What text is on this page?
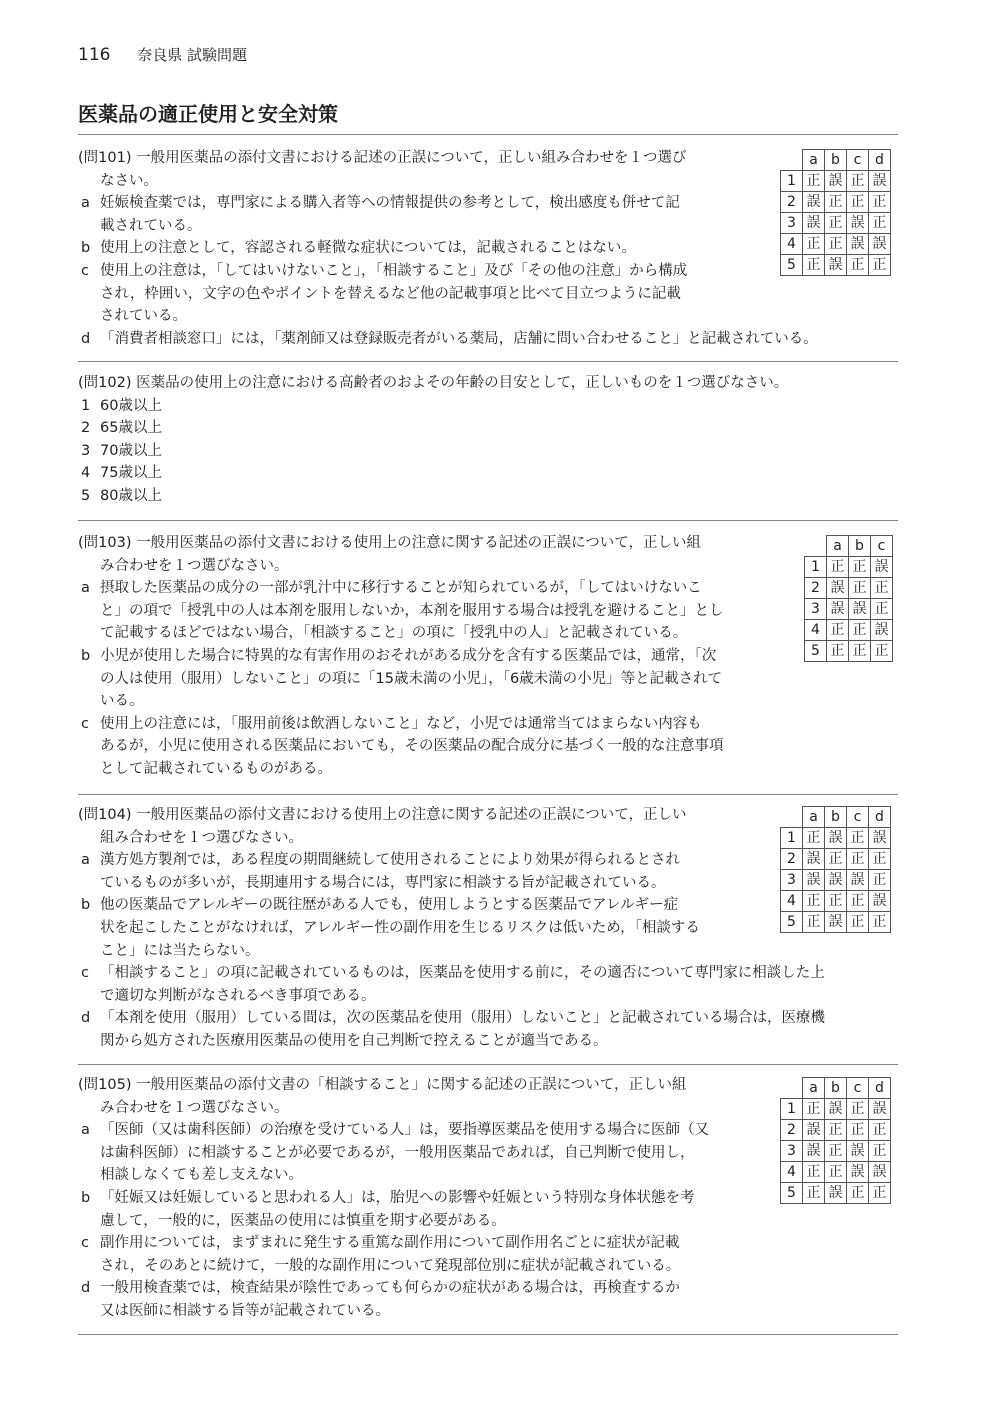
116 奈良県 試験問題
医薬品の適正使用と安全対策
(問101) 一般用医薬品の添付文書における記述の正誤について，正しい組み合わせを１つ選び
なさい。
a 妊娠検査薬では，専門家による購入者等への情報提供の参考として，検出感度も併せて記
載されている。
b 使用上の注意として，容認される軽微な症状については，記載されることはない。
c 使用上の注意は，「してはいけないこと」，「相談すること」及び「その他の注意」から構成
され，枠囲い，文字の色やポイントを替えるなど他の記載事項と比べて目立つように記載
されている。
d 「消費者相談窓口」には，「薬剤師又は登録販売者がいる薬局，店舗に問い合わせること」と記載されている。
	a	b	c	d
1	正	誤	正	誤
2	誤	正	正	正
3	誤	正	誤	正
4	正	正	誤	誤
5	正	誤	正	正
(問102) 医薬品の使用上の注意における高齢者のおよその年齢の目安として，正しいものを１つ選びなさい。
1 60歳以上
2 65歳以上
3 70歳以上
4 75歳以上
5 80歳以上
(問103) 一般用医薬品の添付文書における使用上の注意に関する記述の正誤について，正しい組
み合わせを１つ選びなさい。
a 摂取した医薬品の成分の一部が乳汁中に移行することが知られているが，「してはいけないこ
と」の項で「授乳中の人は本剤を服用しないか，本剤を服用する場合は授乳を避けること」とし
て記載するほどではない場合，「相談すること」の項に「授乳中の人」と記載されている。
b 小児が使用した場合に特異的な有害作用のおそれがある成分を含有する医薬品では，通常，「次
の人は使用（服用）しないこと」の項に「15歳未満の小児」，「6歳未満の小児」等と記載されて
いる。
c 使用上の注意には，「服用前後は飲酒しないこと」など，小児では通常当てはまらない内容も
あるが，小児に使用される医薬品においても，その医薬品の配合成分に基づく一般的な注意事項
として記載されているものがある。
	a	b	c
1	正	正	誤
2	誤	正	正
3	誤	誤	正
4	正	正	誤
5	正	正	正
(問104) 一般用医薬品の添付文書における使用上の注意に関する記述の正誤について，正しい
組み合わせを１つ選びなさい。
a 漢方処方製剤では，ある程度の期間継続して使用されることにより効果が得られるとされ
ているものが多いが，長期連用する場合には，専門家に相談する旨が記載されている。
b 他の医薬品でアレルギーの既往歴がある人でも，使用しようとする医薬品でアレルギー症
状を起こしたことがなければ，アレルギー性の副作用を生じるリスクは低いため，「相談する
こと」には当たらない。
c 「相談すること」の項に記載されているものは，医薬品を使用する前に，その適否について専門家に相談した上
で適切な判断がなされるべき事項である。
d 「本剤を使用（服用）している間は，次の医薬品を使用（服用）しないこと」と記載されている場合は，医療機
関から処方された医療用医薬品の使用を自己判断で控えることが適当である。
	a	b	c	d
1	正	誤	正	誤
2	誤	正	正	正
3	誤	誤	誤	正
4	正	正	正	誤
5	正	誤	正	正
(問105) 一般用医薬品の添付文書の「相談すること」に関する記述の正誤について，正しい組
み合わせを１つ選びなさい。
a 「医師（又は歯科医師）の治療を受けている人」は，要指導医薬品を使用する場合に医師（又
は歯科医師）に相談することが必要であるが，一般用医薬品であれば，自己判断で使用し，
相談しなくても差し支えない。
b 「妊娠又は妊娠していると思われる人」は，胎児への影響や妊娠という特別な身体状態を考
慮して，一般的に，医薬品の使用には慎重を期す必要がある。
c 副作用については，まずまれに発生する重篤な副作用について副作用名ごとに症状が記載
され，そのあとに続けて，一般的な副作用について発現部位別に症状が記載されている。
d 一般用検査薬では，検査結果が陰性であっても何らかの症状がある場合は，再検査するか
又は医師に相談する旨等が記載されている。
	a	b	c	d
1	正	誤	正	誤
2	誤	正	正	正
3	誤	正	誤	正
4	正	正	誤	誤
5	正	誤	正	正
